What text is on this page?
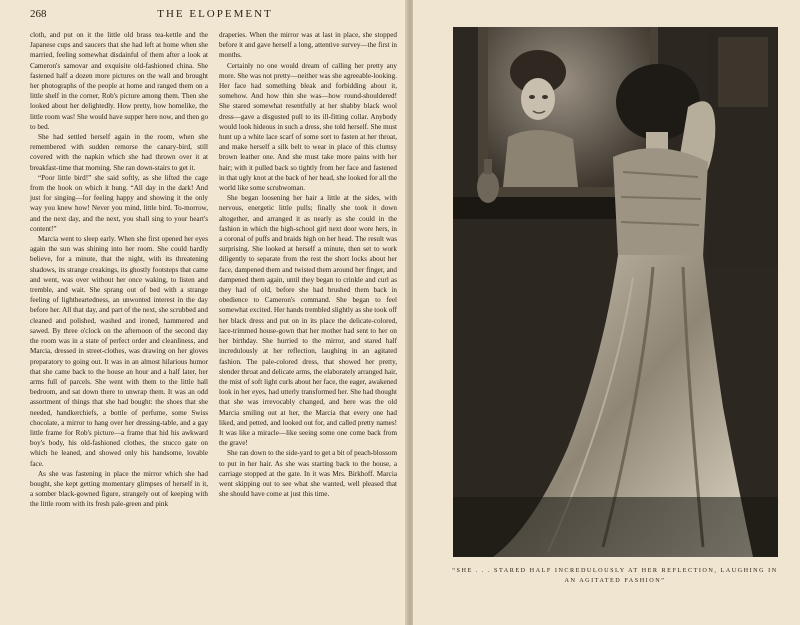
268	THE ELOPEMENT

cloth, and put on it the little old brass tea-kettle and the Japanese cups and saucers that she had left at home when she married, feeling somewhat disdainful of them after a look at Cameron's samovar and exquisite old-fashioned china. She fastened half a dozen more pictures on the wall and brought her photographs of the people at home and ranged them on a little shelf in the corner, Rob's picture among them. Then she looked about her delightedly. How pretty, how homelike, the little room was! She would have supper here now, and then go to bed.

She had settled herself again in the room, when she remembered with sudden remorse the canary-bird, still covered with the napkin which she had thrown over it at breakfast-time that morning. She ran down-stairs to get it.

“Poor little bird!” she said softly, as she lifted the cage from the hook on which it hung. “All day in the dark! And just for singing—for feeling happy and showing it the only way you knew how! Never you mind, little bird. To-morrow, and the next day, and the next, you shall sing to your heart's content!”

Marcia went to sleep early. When she first opened her eyes again the sun was shining into her room. She could hardly believe, for a minute, that the night, with its threatening shadows, its strange creakings, its ghostly footsteps that came and went, was over without her once waking, to listen and tremble, and wait. She sprang out of bed with a strange feeling of lightheartedness, an unwonted interest in the day before her. All that day, and part of the next, she scrubbed and cleaned and polished, washed and ironed, hammered and sawed. By three o'clock on the afternoon of the second day the room was in a state of perfect order and cleanliness, and Marcia, dressed in street-clothes, was drawing on her gloves preparatory to going out. It was in an almost hilarious humor that she came back to the house an hour and a half later, her arms full of parcels. She went with them to the little hall bedroom, and sat down there to unwrap them. It was an odd assortment of things that she had bought: the shoes that she needed, handkerchiefs, a bottle of perfume, some Swiss chocolate, a mirror to hang over her dressing-table, and a gay little frame for Rob's picture—a frame that hid his awkward boy's body, his old-fashioned clothes, the stucco gate on which he leaned, and showed only his handsome, lovable face.

As she was fastening in place the mirror which she had bought, she kept getting momentary glimpses of herself in it, a somber black-gowned figure, strangely out of keeping with the little room with its fresh pale-green and pink

draperies. When the mirror was at last in place, she stopped before it and gave herself a long, attentive survey—the first in months.

Certainly no one would dream of calling her pretty any more. She was not pretty—neither was she agreeable-looking. Her face had something bleak and forbidding about it, somehow. And how thin she was—how round-shouldered! She stared somewhat resentfully at her shabby black wool dress—gave a disgusted pull to its ill-fitting collar. Anybody would look hideous in such a dress, she told herself. She must hunt up a white lace scarf of some sort to fasten at her throat, and make herself a silk belt to wear in place of this clumsy brown leather one. And she must take more pains with her hair; with it pulled back so tightly from her face and fastened in that ugly knot at the back of her head, she looked for all the world like some scrubwoman.

She began loosening her hair a little at the sides, with nervous, energetic little pulls; finally she took it down altogether, and arranged it as nearly as she could in the fashion in which the high-school girl next door wore hers, in a coronal of puffs and braids high on her head. The result was surprising. She looked at herself a minute, then set to work diligently to separate from the rest the short locks about her face, dampened them and twisted them around her finger, and dampened them again, until they began to crinkle and curl as they had of old, before she had brushed them back in obedience to Cameron's command. She began to feel somewhat excited. Her hands trembled slightly as she took off her black dress and put on in its place the delicate-colored, lace-trimmed house-gown that her mother had sent to her on her birthday. She hurried to the mirror, and stared half incredulously at her reflection, laughing in an agitated fashion. The pale-colored dress, that showed her pretty, slender throat and delicate arms, the elaborately arranged hair, the mist of soft light curls about her face, the eager, awakened look in her eyes, had utterly transformed her. She had thought that she was irrevocably changed, and here was the old Marcia smiling out at her, the Marcia that every one had liked, and petted, and looked out for, and called pretty names! It was like a miracle—like seeing some one come back from the grave!

She ran down to the side-yard to get a bit of peach-blossom to put in her hair. As she was starting back to the house, a carriage stopped at the gate. In it was Mrs. Birkhoff. Marcia went skipping out to see what she wanted, well pleased that she should have come at just this time.

“SHE . . . STARED HALF INCREDULOUSLY AT HER REFLECTION, LAUGHING IN AN AGITATED FASHION”
